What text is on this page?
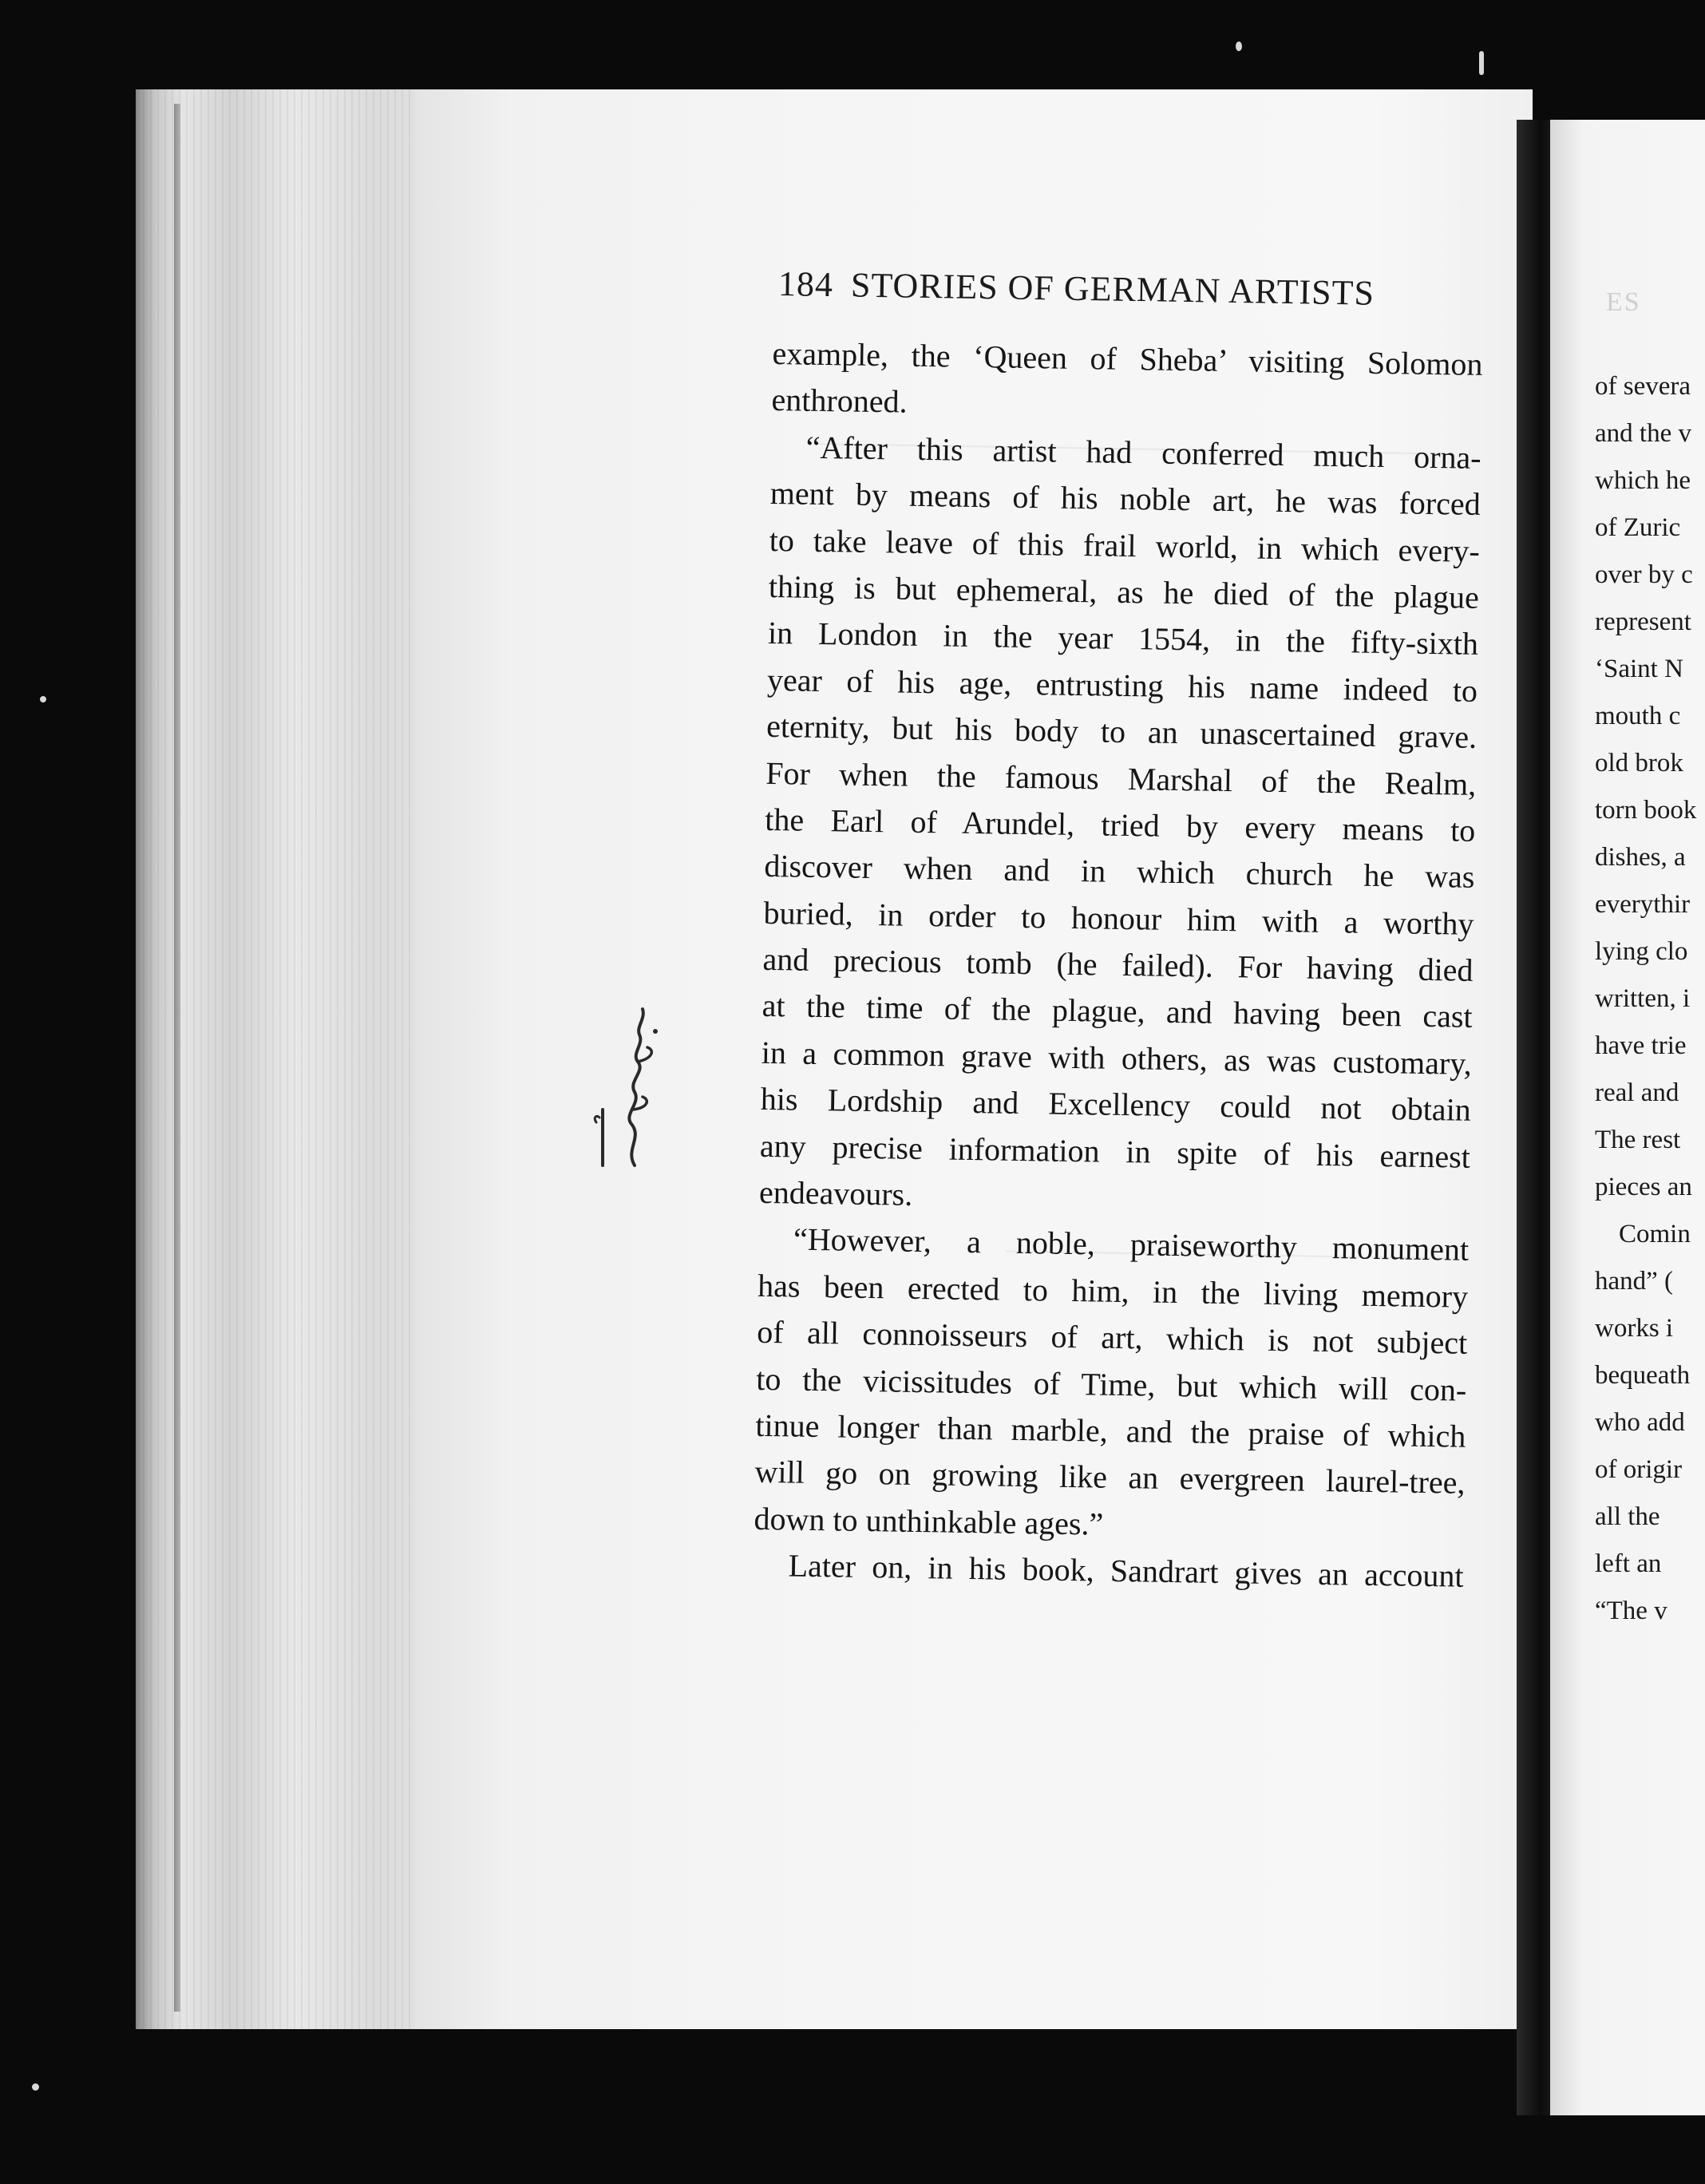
ES
of severa
and the v
which he
of Zuric
over by c
represent
‘Saint N
mouth c
old brok
torn book
dishes, a
everythir
lying clo
written, i
have trie
real and
The rest
pieces an
Comin
hand” (
works i
bequeath
who add
of origir
all the
left an
“The v
184 STORIES OF GERMAN ARTISTS
example, the ‘Queen of Sheba’ visiting Solomon
enthroned.
“After this artist had conferred much orna-
ment by means of his noble art, he was forced
to take leave of this frail world, in which every-
thing is but ephemeral, as he died of the plague
in London in the year 1554, in the fifty-sixth
year of his age, entrusting his name indeed to
eternity, but his body to an unascertained grave.
For when the famous Marshal of the Realm,
the Earl of Arundel, tried by every means to
discover when and in which church he was
buried, in order to honour him with a worthy
and precious tomb (he failed). For having died
at the time of the plague, and having been cast
in a common grave with others, as was customary,
his Lordship and Excellency could not obtain
any precise information in spite of his earnest
endeavours.
“However, a noble, praiseworthy monument
has been erected to him, in the living memory
of all connoisseurs of art, which is not subject
to the vicissitudes of Time, but which will con-
tinue longer than marble, and the praise of which
will go on growing like an evergreen laurel-tree,
down to unthinkable ages.”
Later on, in his book, Sandrart gives an account
